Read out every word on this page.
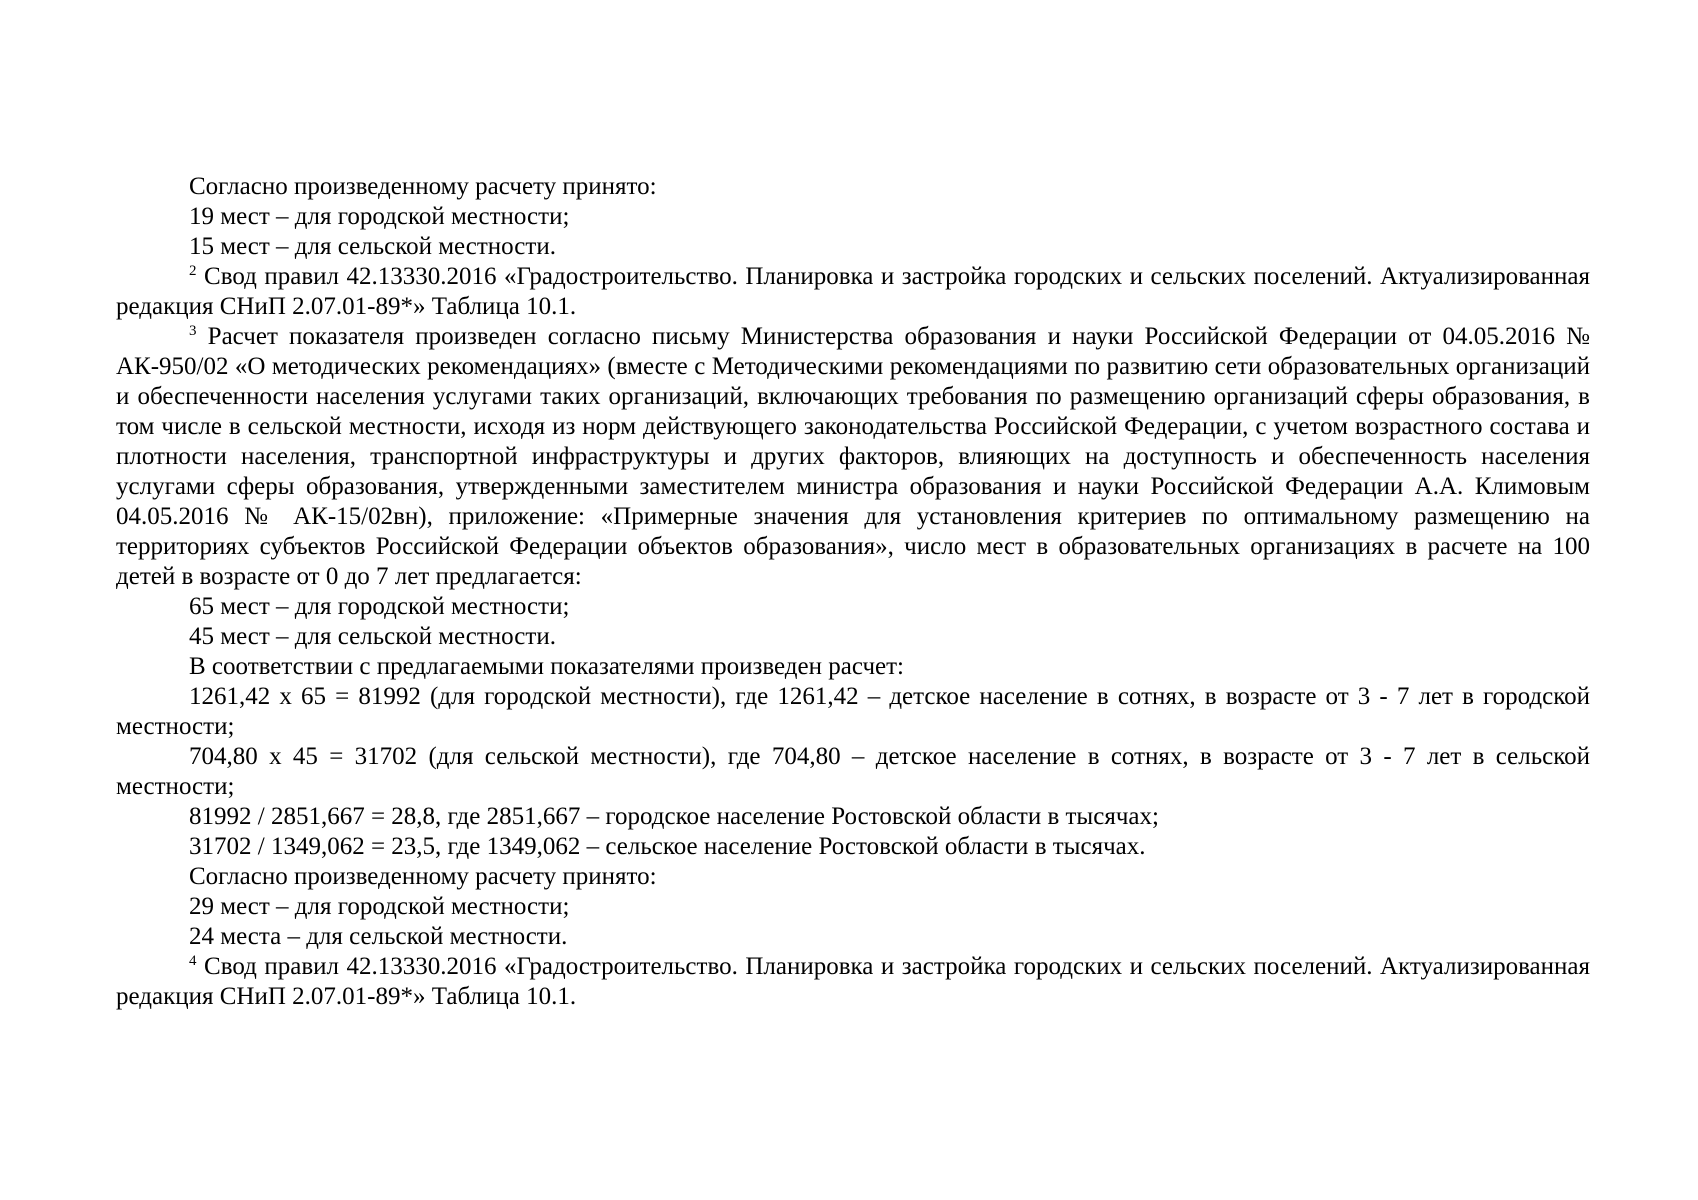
Согласно произведенному расчету принято:

19 мест – для городской местности;

15 мест – для сельской местности.

$^2$ Свод правил 42.13330.2016 «Градостроительство. Планировка и застройка городских и сельских поселений. Актуализированная редакция СНиП 2.07.01-89*» Таблица 10.1.

$^3$ Расчет показателя произведен согласно письму Министерства образования и науки Российской Федерации от 04.05.2016 № АК-950/02 «О методических рекомендациях» (вместе с Методическими рекомендациями по развитию сети образовательных организаций и обеспеченности населения услугами таких организаций, включающих требования по размещению организаций сферы образования, в том числе в сельской местности, исходя из норм действующего законодательства Российской Федерации, с учетом возрастного состава и плотности населения, транспортной инфраструктуры и других факторов, влияющих на доступность и обеспеченность населения услугами сферы образования, утвержденными заместителем министра образования и науки Российской Федерации А.А. Климовым 04.05.2016 № АК-15/02вн), приложение: «Примерные значения для установления критериев по оптимальному размещению на территориях субъектов Российской Федерации объектов образования», число мест в образовательных организациях в расчете на 100 детей в возрасте от 0 до 7 лет предлагается:

65 мест – для городской местности;

45 мест – для сельской местности.

В соответствии с предлагаемыми показателями произведен расчет:

1261,42 x 65 = 81992 (для городской местности), где 1261,42 – детское население в сотнях, в возрасте от 3 - 7 лет в городской местности;

704,80 x 45 = 31702 (для сельской местности), где 704,80 – детское население в сотнях, в возрасте от 3 - 7 лет в сельской местности;

81992 / 2851,667 = 28,8, где 2851,667 – городское население Ростовской области в тысячах;

31702 / 1349,062 = 23,5, где 1349,062 – сельское население Ростовской области в тысячах.

Согласно произведенному расчету принято:

29 мест – для городской местности;

24 места – для сельской местности.

$^4$ Свод правил 42.13330.2016 «Градостроительство. Планировка и застройка городских и сельских поселений. Актуализированная редакция СНиП 2.07.01-89*» Таблица 10.1.
